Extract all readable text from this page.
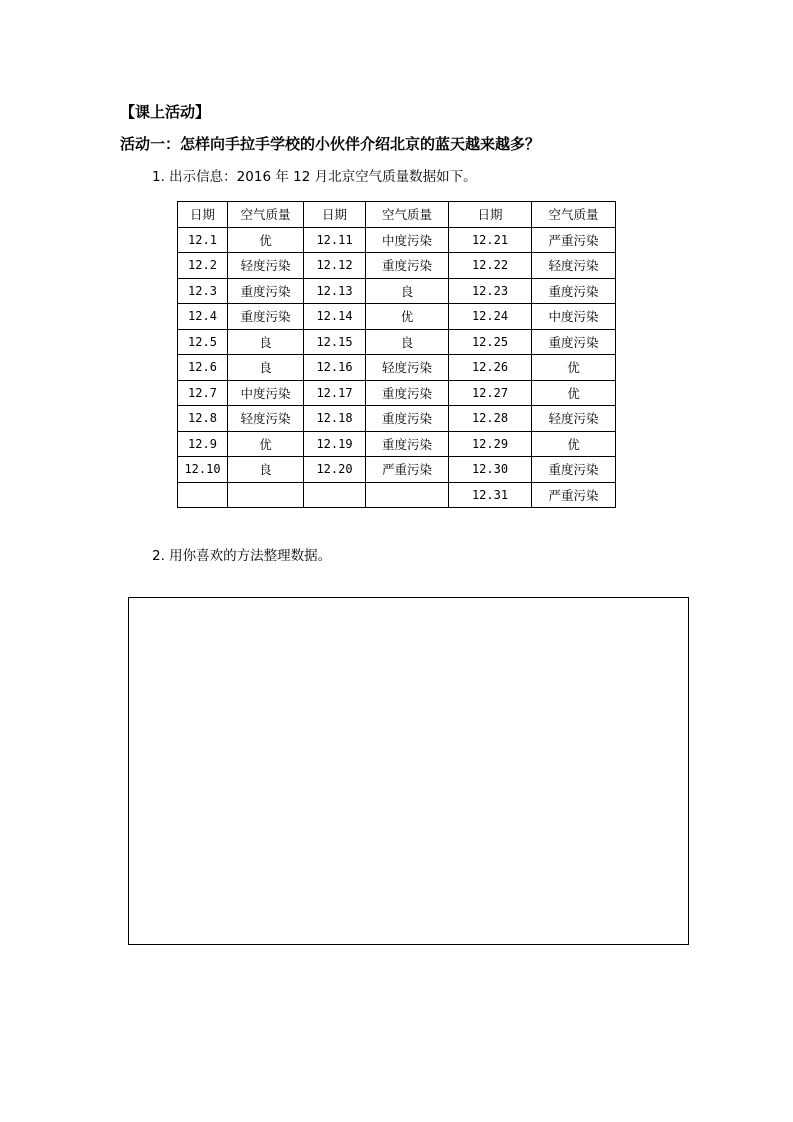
【课上活动】
活动一：怎样向手拉手学校的小伙伴介绍北京的蓝天越来越多？
1. 出示信息：2016 年 12 月北京空气质量数据如下。
日期	空气质量	日期	空气质量	日期	空气质量
12.1	优	12.11	中度污染	12.21	严重污染
12.2	轻度污染	12.12	重度污染	12.22	轻度污染
12.3	重度污染	12.13	良	12.23	重度污染
12.4	重度污染	12.14	优	12.24	中度污染
12.5	良	12.15	良	12.25	重度污染
12.6	良	12.16	轻度污染	12.26	优
12.7	中度污染	12.17	重度污染	12.27	优
12.8	轻度污染	12.18	重度污染	12.28	轻度污染
12.9	优	12.19	重度污染	12.29	优
12.10	良	12.20	严重污染	12.30	重度污染
				12.31	严重污染
2. 用你喜欢的方法整理数据。
